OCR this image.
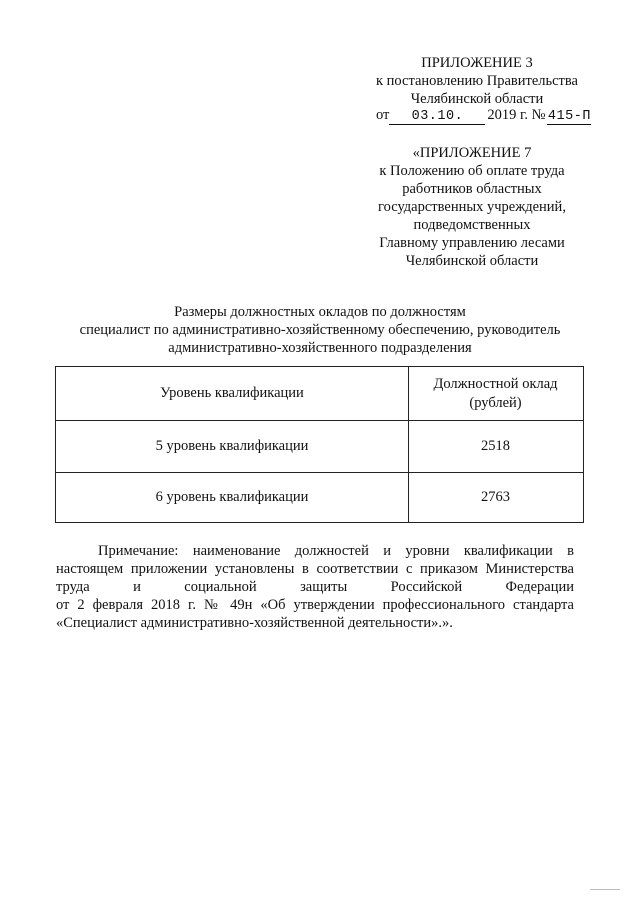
ПРИЛОЖЕНИЕ 3
к постановлению Правительства
Челябинской области
от 03.10. 2019 г. № 415-П
«ПРИЛОЖЕНИЕ 7
к Положению об оплате труда
работников областных
государственных учреждений,
подведомственных
Главному управлению лесами
Челябинской области
Размеры должностных окладов по должностям
специалист по административно-хозяйственному обеспечению, руководитель
административно-хозяйственного подразделения
Уровень квалификации
Должностной оклад
(рублей)
5 уровень квалификации	2518
6 уровень квалификации	2763
Примечание: наименование должностей и уровни квалификации в
настоящем приложении установлены в соответствии с приказом Министерства
труда и социальной защиты Российской Федерации
от 2 февраля 2018 г. № 49н «Об утверждении профессионального стандарта
«Специалист административно-хозяйственной деятельности».».
